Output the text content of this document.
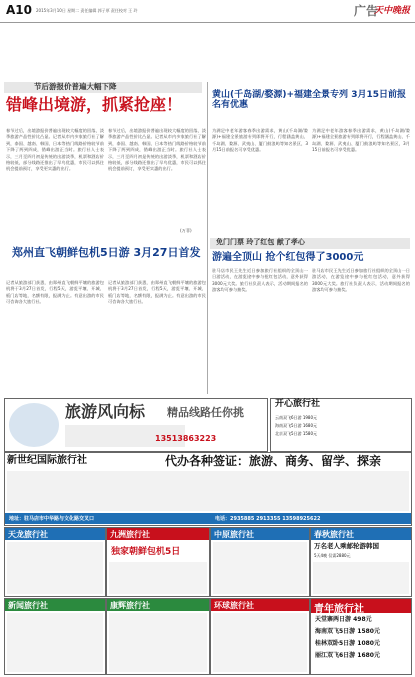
A10 2015年3月10日 星期二 责任编辑 郭子厚 责任校对 王 玲	广告
天中晚报
节后游报价普遍大幅下降
错峰出境游，抓紧抢座！
春节过后，出境游报价普遍出现较大幅度的回落，淡季旅游产品性价比凸显。记者从市内多家旅行社了解到，泰国、越南、韩国、日本等热门线路价格较节前下降了两到四成，错峰出游正当时。旅行社人士表示，三月至四月初是传统的出游淡季，机票和酒店价格较低，部分线路还推出了早鸟优惠，市民可以抓住机会提前预订，享受更实惠的出行。
春节过后，出境游报价普遍出现较大幅度的回落，淡季旅游产品性价比凸显。记者从市内多家旅行社了解到，泰国、越南、韩国、日本等热门线路价格较节前下降了两到四成，错峰出游正当时。旅行社人士表示，三月至四月初是传统的出游淡季，机票和酒店价格较低，部分线路还推出了早鸟优惠，市民可以抓住机会提前预订，享受更实惠的出行。
(万菲)
郑州直飞朝鲜包机5日游 3月27日首发
记者从旅游部门获悉，由郑州直飞朝鲜平壤的旅游包机将于3月27日首发，行程5天，游览平壤、开城、板门店等地，名额有限，报满为止。有意出游的市民可咨询各大旅行社。
记者从旅游部门获悉，由郑州直飞朝鲜平壤的旅游包机将于3月27日首发，行程5天，游览平壤、开城、板门店等地，名额有限，报满为止。有意出游的市民可咨询各大旅行社。
黄山(千岛湖/婺源)+福建全景专列 3月15日前报名有优惠
为满足中老年游客春季出游需求，黄山(千岛湖/婺源)+福建全景旅游专列即将开行，行程涵盖黄山、千岛湖、婺源、武夷山、厦门鼓浪屿等知名景区，3月15日前报名可享受优惠。
为满足中老年游客春季出游需求，黄山(千岛湖/婺源)+福建全景旅游专列即将开行，行程涵盖黄山、千岛湖、婺源、武夷山、厦门鼓浪屿等知名景区，3月15日前报名可享受优惠。
免门门票 玲了红包 献了孝心
游遍全顶山 抢个红包得了3000元
驻马店市民王先生近日参加旅行社组织的全顶山一日游活动，在游览途中参与抢红包活动，意外获得3000元大奖。旅行社负责人表示，活动期间报名的游客均可参与抽奖。
驻马店市民王先生近日参加旅行社组织的全顶山一日游活动，在游览途中参与抢红包活动，意外获得3000元大奖。旅行社负责人表示，活动期间报名的游客均可参与抽奖。
旅游风向标 精品线路任你挑
13513863223
开心旅行社
云南双飞6日游 1980元
海南双飞5日游 1680元
北京双飞5日游 1580元
新世纪国际旅行社	代办各种签证：旅游、商务、留学、探亲
地址：驻马店市中华路与文化路交叉口	电话：2935885 2913355 13598925622
天龙旅行社	九洲旅行社
独家朝鲜包机5日
中原旅行社	春秋旅行社
万名老人乘邮轮游韩国
5天4晚 仅需2880元
新闻旅行社	康辉旅行社	环球旅行社	青年旅行社
天堂寨两日游 498元
海南双飞5日游 1580元
桂林双卧5日游 1080元
丽江双飞6日游 1680元
